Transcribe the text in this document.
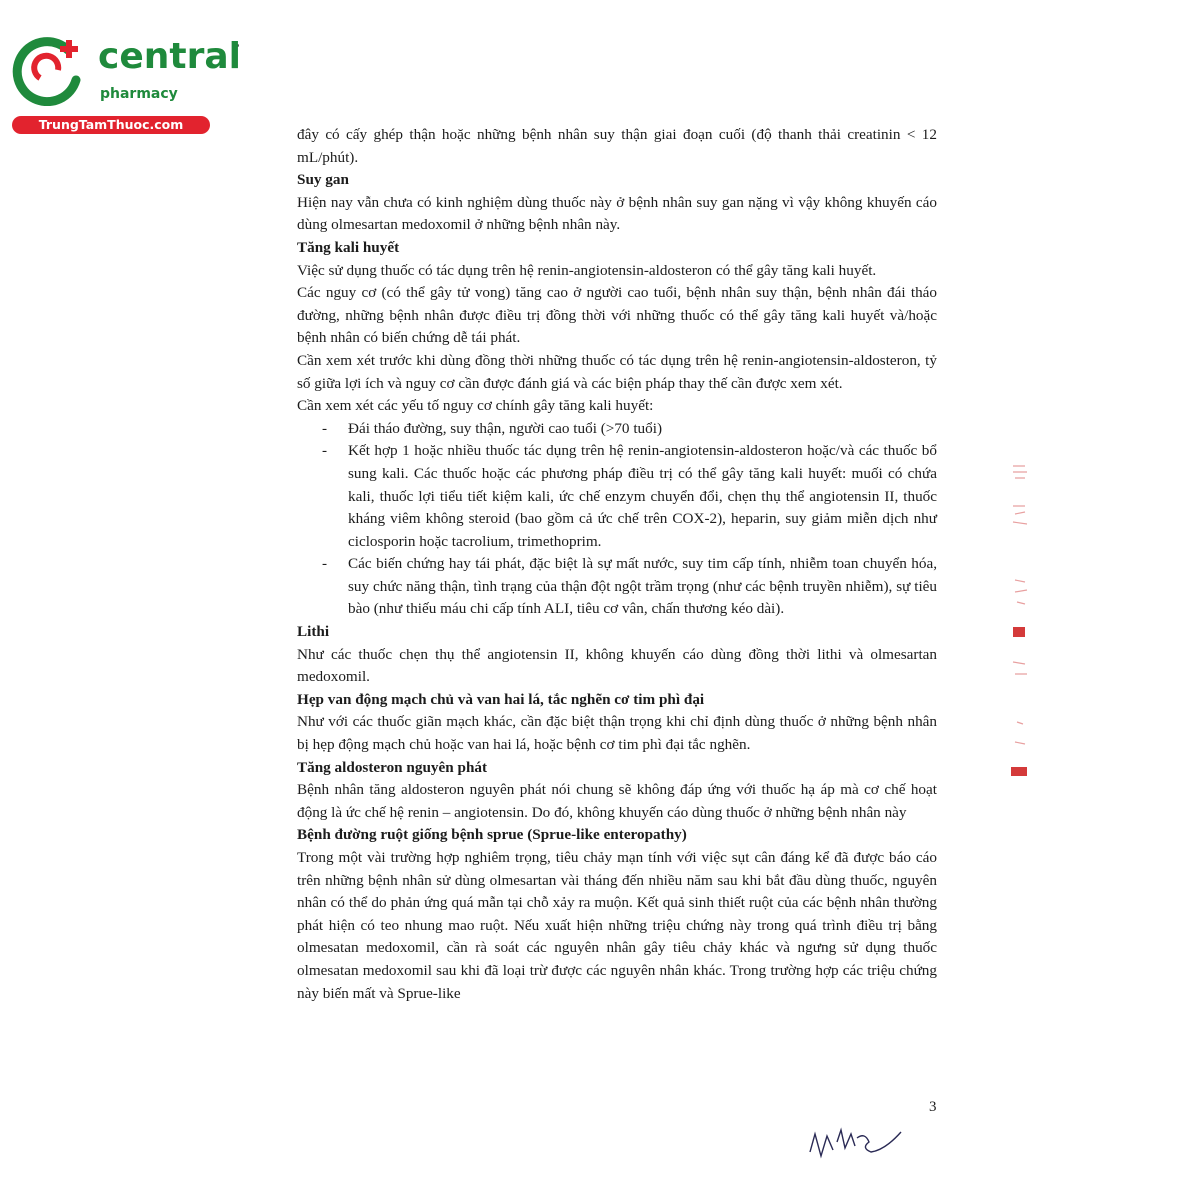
central
pharmacy
TrungTamThuoc.com

đây có cấy ghép thận hoặc những bệnh nhân suy thận giai đoạn cuối (độ thanh thải creatinin < 12 mL/phút).

Suy gan

Hiện nay vẫn chưa có kinh nghiệm dùng thuốc này ở bệnh nhân suy gan nặng vì vậy không khuyến cáo dùng olmesartan medoxomil ở những bệnh nhân này.

Tăng kali huyết

Việc sử dụng thuốc có tác dụng trên hệ renin-angiotensin-aldosteron có thể gây tăng kali huyết.

Các nguy cơ (có thể gây tử vong) tăng cao ở người cao tuổi, bệnh nhân suy thận, bệnh nhân đái tháo đường, những bệnh nhân được điều trị đồng thời với những thuốc có thể gây tăng kali huyết và/hoặc bệnh nhân có biến chứng dễ tái phát.

Cần xem xét trước khi dùng đồng thời những thuốc có tác dụng trên hệ renin-angiotensin-aldosteron, tỷ số giữa lợi ích và nguy cơ cần được đánh giá và các biện pháp thay thế cần được xem xét.

Cần xem xét các yếu tố nguy cơ chính gây tăng kali huyết:

- Đái tháo đường, suy thận, người cao tuổi (>70 tuổi)
- Kết hợp 1 hoặc nhiều thuốc tác dụng trên hệ renin-angiotensin-aldosteron hoặc/và các thuốc bổ sung kali. Các thuốc hoặc các phương pháp điều trị có thể gây tăng kali huyết: muối có chứa kali, thuốc lợi tiểu tiết kiệm kali, ức chế enzym chuyển đổi, chẹn thụ thể angiotensin II, thuốc kháng viêm không steroid (bao gồm cả ức chế trên COX-2), heparin, suy giảm miễn dịch như ciclosporin hoặc tacrolium, trimethoprim.
- Các biến chứng hay tái phát, đặc biệt là sự mất nước, suy tim cấp tính, nhiễm toan chuyển hóa, suy chức năng thận, tình trạng của thận đột ngột trầm trọng (như các bệnh truyền nhiễm), sự tiêu bào (như thiếu máu chi cấp tính ALI, tiêu cơ vân, chấn thương kéo dài).
Lithi

Như các thuốc chẹn thụ thể angiotensin II, không khuyến cáo dùng đồng thời lithi và olmesartan medoxomil.

Hẹp van động mạch chủ và van hai lá, tắc nghẽn cơ tim phì đại

Như với các thuốc giãn mạch khác, cần đặc biệt thận trọng khi chỉ định dùng thuốc ở những bệnh nhân bị hẹp động mạch chủ hoặc van hai lá, hoặc bệnh cơ tim phì đại tắc nghẽn.

Tăng aldosteron nguyên phát

Bệnh nhân tăng aldosteron nguyên phát nói chung sẽ không đáp ứng với thuốc hạ áp mà cơ chế hoạt động là ức chế hệ renin – angiotensin. Do đó, không khuyến cáo dùng thuốc ở những bệnh nhân này

Bệnh đường ruột giống bệnh sprue (Sprue-like enteropathy)

Trong một vài trường hợp nghiêm trọng, tiêu chảy mạn tính với việc sụt cân đáng kể đã được báo cáo trên những bệnh nhân sử dùng olmesartan vài tháng đến nhiều năm sau khi bắt đầu dùng thuốc, nguyên nhân có thể do phản ứng quá mẫn tại chỗ xảy ra muộn. Kết quả sinh thiết ruột của các bệnh nhân thường phát hiện có teo nhung mao ruột. Nếu xuất hiện những triệu chứng này trong quá trình điều trị bằng olmesatan medoxomil, cần rà soát các nguyên nhân gây tiêu chảy khác và ngưng sử dụng thuốc olmesatan medoxomil sau khi đã loại trừ được các nguyên nhân khác. Trong trường hợp các triệu chứng này biến mất và Sprue-like

3
